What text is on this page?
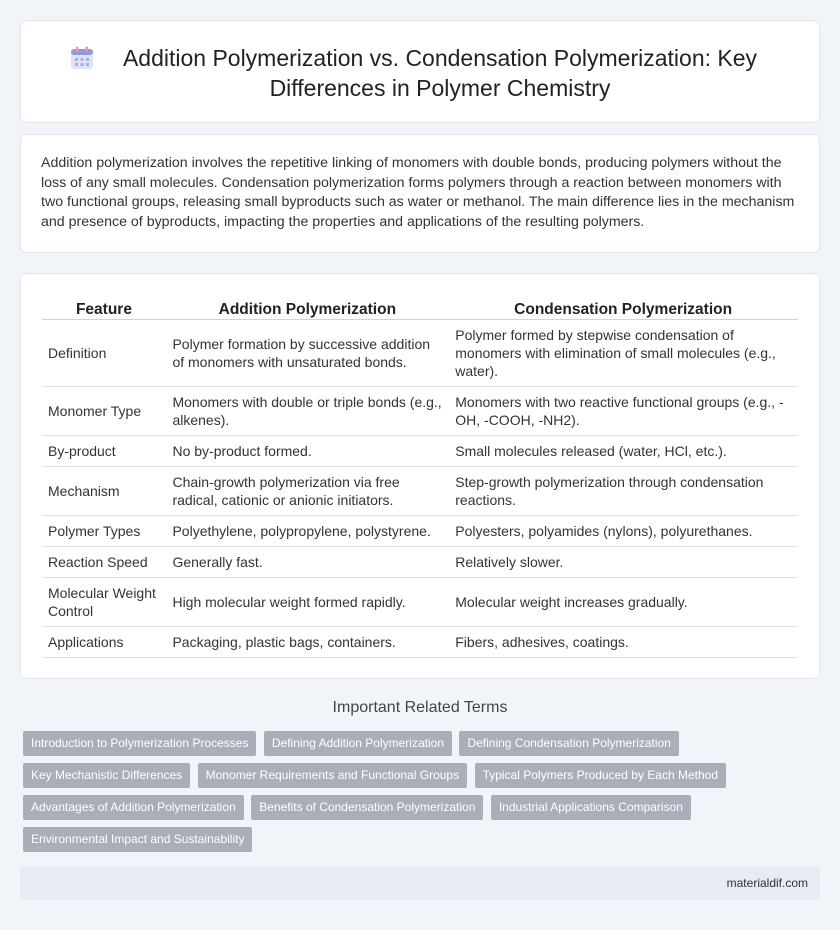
Addition Polymerization vs. Condensation Polymerization: Key Differences in Polymer Chemistry

Addition polymerization involves the repetitive linking of monomers with double bonds, producing polymers without the loss of any small molecules. Condensation polymerization forms polymers through a reaction between monomers with two functional groups, releasing small byproducts such as water or methanol. The main difference lies in the mechanism and presence of byproducts, impacting the properties and applications of the resulting polymers.

Feature	Addition Polymerization	Condensation Polymerization
Definition	Polymer formation by successive addition of monomers with unsaturated bonds.	Polymer formed by stepwise condensation of monomers with elimination of small molecules (e.g., water).
Monomer Type	Monomers with double or triple bonds (e.g., alkenes).	Monomers with two reactive functional groups (e.g., -OH, -COOH, -NH2).
By-product	No by-product formed.	Small molecules released (water, HCl, etc.).
Mechanism	Chain-growth polymerization via free radical, cationic or anionic initiators.	Step-growth polymerization through condensation reactions.
Polymer Types	Polyethylene, polypropylene, polystyrene.	Polyesters, polyamides (nylons), polyurethanes.
Reaction Speed	Generally fast.	Relatively slower.
Molecular Weight Control	High molecular weight formed rapidly.	Molecular weight increases gradually.
Applications	Packaging, plastic bags, containers.	Fibers, adhesives, coatings.
Important Related Terms
Introduction to Polymerization Processes Defining Addition Polymerization Defining Condensation Polymerization
Key Mechanistic Differences Monomer Requirements and Functional Groups Typical Polymers Produced by Each Method
Advantages of Addition Polymerization Benefits of Condensation Polymerization Industrial Applications Comparison
Environmental Impact and Sustainability
materialdif.com
